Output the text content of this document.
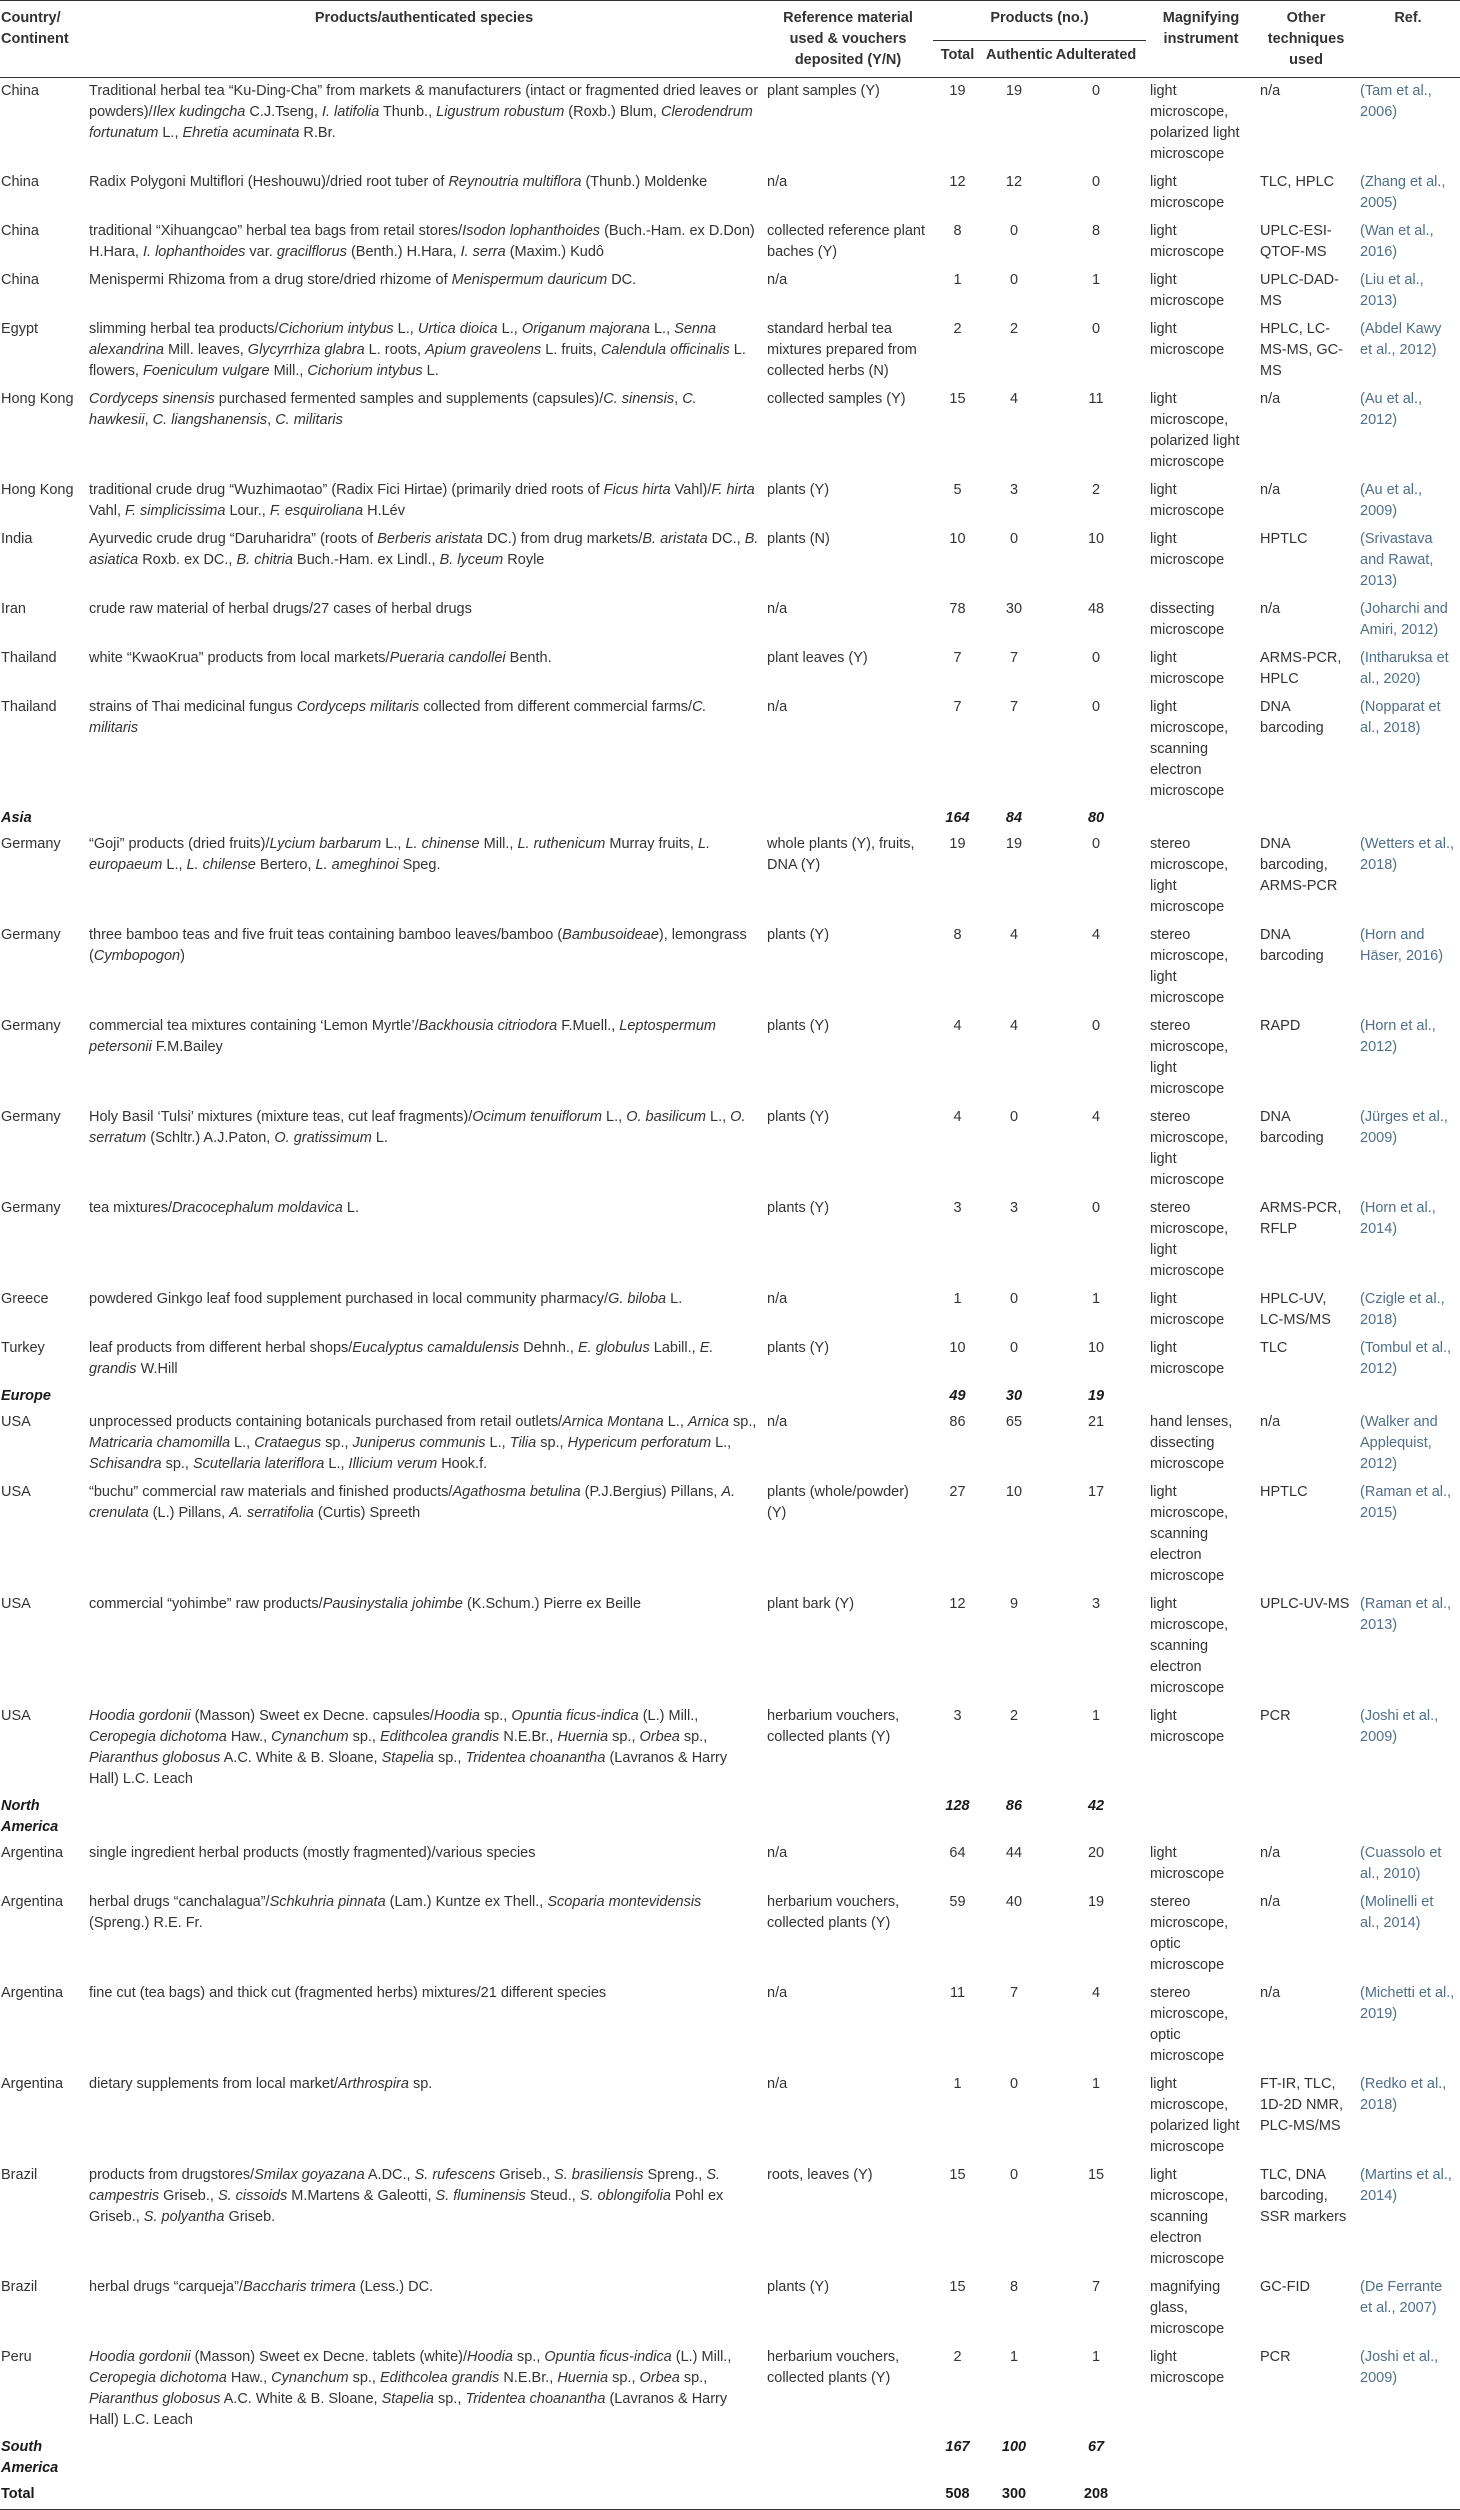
Country/ Continent	Products/authenticated species	Reference material used & vouchers deposited (Y/N)	Products (no.)			Magnifying instrument	Other techniques used	Ref.
			Total	Authentic	Adulterated			
China	Traditional herbal tea “Ku-Ding-Cha” from markets & manufacturers (intact or fragmented dried leaves or powders)/Ilex kudingcha C.J.Tseng, I. latifolia Thunb., Ligustrum robustum (Roxb.) Blum, Clerodendrum fortunatum L., Ehretia acuminata R.Br.	plant samples (Y)	19	19	0	light microscope, polarized light microscope	n/a	(Tam et al., 2006)
China	Radix Polygoni Multiflori (Heshouwu)/dried root tuber of Reynoutria multiflora (Thunb.) Moldenke	n/a	12	12	0	light microscope	TLC, HPLC	(Zhang et al., 2005)
China	traditional “Xihuangcao” herbal tea bags from retail stores/Isodon lophanthoides (Buch.-Ham. ex D.Don) H.Hara, I. lophanthoides var. gracilflorus (Benth.) H.Hara, I. serra (Maxim.) Kudô	collected reference plant baches (Y)	8	0	8	light microscope	UPLC-ESI-QTOF-MS	(Wan et al., 2016)
China	Menispermi Rhizoma from a drug store/dried rhizome of Menispermum dauricum DC.	n/a	1	0	1	light microscope	UPLC-DAD-MS	(Liu et al., 2013)
Egypt	slimming herbal tea products/Cichorium intybus L., Urtica dioica L., Origanum majorana L., Senna alexandrina Mill. leaves, Glycyrrhiza glabra L. roots, Apium graveolens L. fruits, Calendula officinalis L. flowers, Foeniculum vulgare Mill., Cichorium intybus L.	standard herbal tea mixtures prepared from collected herbs (N)	2	2	0	light microscope	HPLC, LC-MS-MS, GC-MS	(Abdel Kawy et al., 2012)
Hong Kong	Cordyceps sinensis purchased fermented samples and supplements (capsules)/C. sinensis, C. hawkesii, C. liangshanensis, C. militaris	collected samples (Y)	15	4	11	light microscope, polarized light microscope	n/a	(Au et al., 2012)
Hong Kong	traditional crude drug “Wuzhimaotao” (Radix Fici Hirtae) (primarily dried roots of Ficus hirta Vahl)/F. hirta Vahl, F. simplicissima Lour., F. esquiroliana H.Lév	plants (Y)	5	3	2	light microscope	n/a	(Au et al., 2009)
India	Ayurvedic crude drug “Daruharidra” (roots of Berberis aristata DC.) from drug markets/B. aristata DC., B. asiatica Roxb. ex DC., B. chitria Buch.-Ham. ex Lindl., B. lyceum Royle	plants (N)	10	0	10	light microscope	HPTLC	(Srivastava and Rawat, 2013)
Iran	crude raw material of herbal drugs/27 cases of herbal drugs	n/a	78	30	48	dissecting microscope	n/a	(Joharchi and Amiri, 2012)
Thailand	white “KwaoKrua” products from local markets/Pueraria candollei Benth.	plant leaves (Y)	7	7	0	light microscope	ARMS-PCR, HPLC	(Intharuksa et al., 2020)
Thailand	strains of Thai medicinal fungus Cordyceps militaris collected from different commercial farms/C. militaris	n/a	7	7	0	light microscope, scanning electron microscope	DNA barcoding	(Nopparat et al., 2018)
Asia			164	84	80			
Germany	“Goji” products (dried fruits)/Lycium barbarum L., L. chinense Mill., L. ruthenicum Murray fruits, L. europaeum L., L. chilense Bertero, L. ameghinoi Speg.	whole plants (Y), fruits, DNA (Y)	19	19	0	stereo microscope, light microscope	DNA barcoding, ARMS-PCR	(Wetters et al., 2018)
Germany	three bamboo teas and five fruit teas containing bamboo leaves/bamboo (Bambusoideae), lemongrass (Cymbopogon)	plants (Y)	8	4	4	stereo microscope, light microscope	DNA barcoding	(Horn and Häser, 2016)
Germany	commercial tea mixtures containing ‘Lemon Myrtle’/Backhousia citriodora F.Muell., Leptospermum petersonii F.M.Bailey	plants (Y)	4	4	0	stereo microscope, light microscope	RAPD	(Horn et al., 2012)
Germany	Holy Basil ‘Tulsi’ mixtures (mixture teas, cut leaf fragments)/Ocimum tenuiflorum L., O. basilicum L., O. serratum (Schltr.) A.J.Paton, O. gratissimum L.	plants (Y)	4	0	4	stereo microscope, light microscope	DNA barcoding	(Jürges et al., 2009)
Germany	tea mixtures/Dracocephalum moldavica L.	plants (Y)	3	3	0	stereo microscope, light microscope	ARMS-PCR, RFLP	(Horn et al., 2014)
Greece	powdered Ginkgo leaf food supplement purchased in local community pharmacy/G. biloba L.	n/a	1	0	1	light microscope	HPLC-UV, LC-MS/MS	(Czigle et al., 2018)
Turkey	leaf products from different herbal shops/Eucalyptus camaldulensis Dehnh., E. globulus Labill., E. grandis W.Hill	plants (Y)	10	0	10	light microscope	TLC	(Tombul et al., 2012)
Europe			49	30	19			
USA	unprocessed products containing botanicals purchased from retail outlets/Arnica Montana L., Arnica sp., Matricaria chamomilla L., Crataegus sp., Juniperus communis L., Tilia sp., Hypericum perforatum L., Schisandra sp., Scutellaria lateriflora L., Illicium verum Hook.f.	n/a	86	65	21	hand lenses, dissecting microscope	n/a	(Walker and Applequist, 2012)
USA	“buchu” commercial raw materials and finished products/Agathosma betulina (P.J.Bergius) Pillans, A. crenulata (L.) Pillans, A. serratifolia (Curtis) Spreeth	plants (whole/powder) (Y)	27	10	17	light microscope, scanning electron microscope	HPTLC	(Raman et al., 2015)
USA	commercial “yohimbe” raw products/Pausinystalia johimbe (K.Schum.) Pierre ex Beille	plant bark (Y)	12	9	3	light microscope, scanning electron microscope	UPLC-UV-MS	(Raman et al., 2013)
USA	Hoodia gordonii (Masson) Sweet ex Decne. capsules/Hoodia sp., Opuntia ficus-indica (L.) Mill., Ceropegia dichotoma Haw., Cynanchum sp., Edithcolea grandis N.E.Br., Huernia sp., Orbea sp., Piaranthus globosus A.C. White & B. Sloane, Stapelia sp., Tridentea choanantha (Lavranos & Harry Hall) L.C. Leach	herbarium vouchers, collected plants (Y)	3	2	1	light microscope	PCR	(Joshi et al., 2009)
North America			128	86	42			
Argentina	single ingredient herbal products (mostly fragmented)/various species	n/a	64	44	20	light microscope	n/a	(Cuassolo et al., 2010)
Argentina	herbal drugs “canchalagua”/Schkuhria pinnata (Lam.) Kuntze ex Thell., Scoparia montevidensis (Spreng.) R.E. Fr.	herbarium vouchers, collected plants (Y)	59	40	19	stereo microscope, optic microscope	n/a	(Molinelli et al., 2014)
Argentina	fine cut (tea bags) and thick cut (fragmented herbs) mixtures/21 different species	n/a	11	7	4	stereo microscope, optic microscope	n/a	(Michetti et al., 2019)
Argentina	dietary supplements from local market/Arthrospira sp.	n/a	1	0	1	light microscope, polarized light microscope	FT-IR, TLC, 1D-2D NMR, PLC-MS/MS	(Redko et al., 2018)
Brazil	products from drugstores/Smilax goyazana A.DC., S. rufescens Griseb., S. brasiliensis Spreng., S. campestris Griseb., S. cissoids M.Martens & Galeotti, S. fluminensis Steud., S. oblongifolia Pohl ex Griseb., S. polyantha Griseb.	roots, leaves (Y)	15	0	15	light microscope, scanning electron microscope	TLC, DNA barcoding, SSR markers	(Martins et al., 2014)
Brazil	herbal drugs “carqueja”/Baccharis trimera (Less.) DC.	plants (Y)	15	8	7	magnifying glass, microscope	GC-FID	(De Ferrante et al., 2007)
Peru	Hoodia gordonii (Masson) Sweet ex Decne. tablets (white)/Hoodia sp., Opuntia ficus-indica (L.) Mill., Ceropegia dichotoma Haw., Cynanchum sp., Edithcolea grandis N.E.Br., Huernia sp., Orbea sp., Piaranthus globosus A.C. White & B. Sloane, Stapelia sp., Tridentea choanantha (Lavranos & Harry Hall) L.C. Leach	herbarium vouchers, collected plants (Y)	2	1	1	light microscope	PCR	(Joshi et al., 2009)
South America			167	100	67			
Total			508	300	208			
